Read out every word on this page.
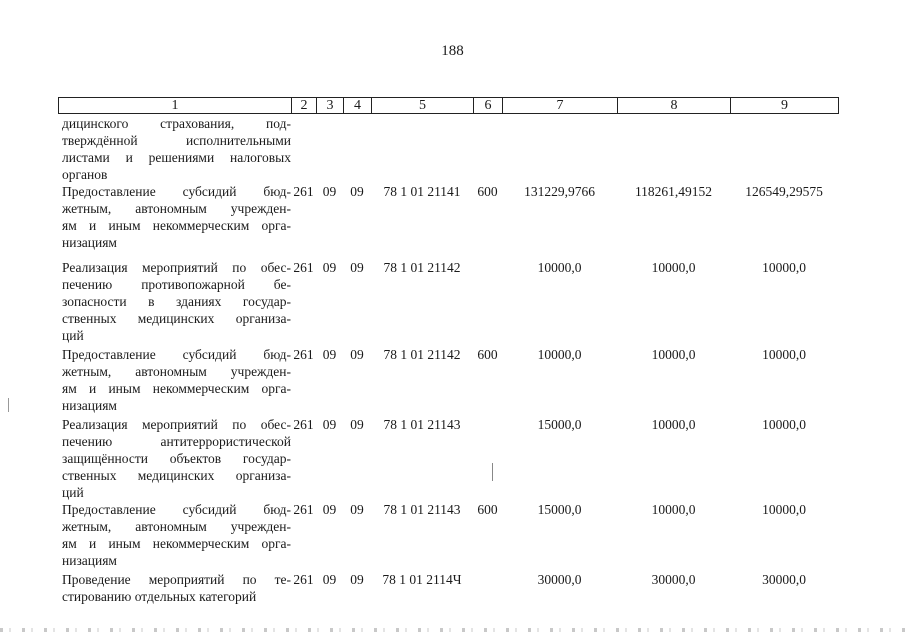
188
1	2	3	4	5	6	7	8	9
дицинского страхования, под-
тверждённой исполнительными
листами и решениями налоговых
органов								

Предоставление субсидий бюд-
жетным, автономным учрежден-
ям и иным некоммерческим орга-
низациям	261	09	09	78 1 01 21141	600	131229,9766	118261,49152	126549,29575

Реализация мероприятий по обес-
печению противопожарной бе-
зопасности в зданиях государ-
ственных медицинских организа-
ций	261	09	09	78 1 01 21142		10000,0	10000,0	10000,0

Предоставление субсидий бюд-
жетным, автономным учрежден-
ям и иным некоммерческим орга-
низациям	261	09	09	78 1 01 21142	600	10000,0	10000,0	10000,0

Реализация мероприятий по обес-
печению антитеррористической
защищённости объектов государ-
ственных медицинских организа-
ций	261	09	09	78 1 01 21143		15000,0	10000,0	10000,0

Предоставление субсидий бюд-
жетным, автономным учрежден-
ям и иным некоммерческим орга-
низациям	261	09	09	78 1 01 21143	600	15000,0	10000,0	10000,0

Проведение мероприятий по те-
стированию отдельных категорий	261	09	09	78 1 01 2114Ч		30000,0	30000,0	30000,0
